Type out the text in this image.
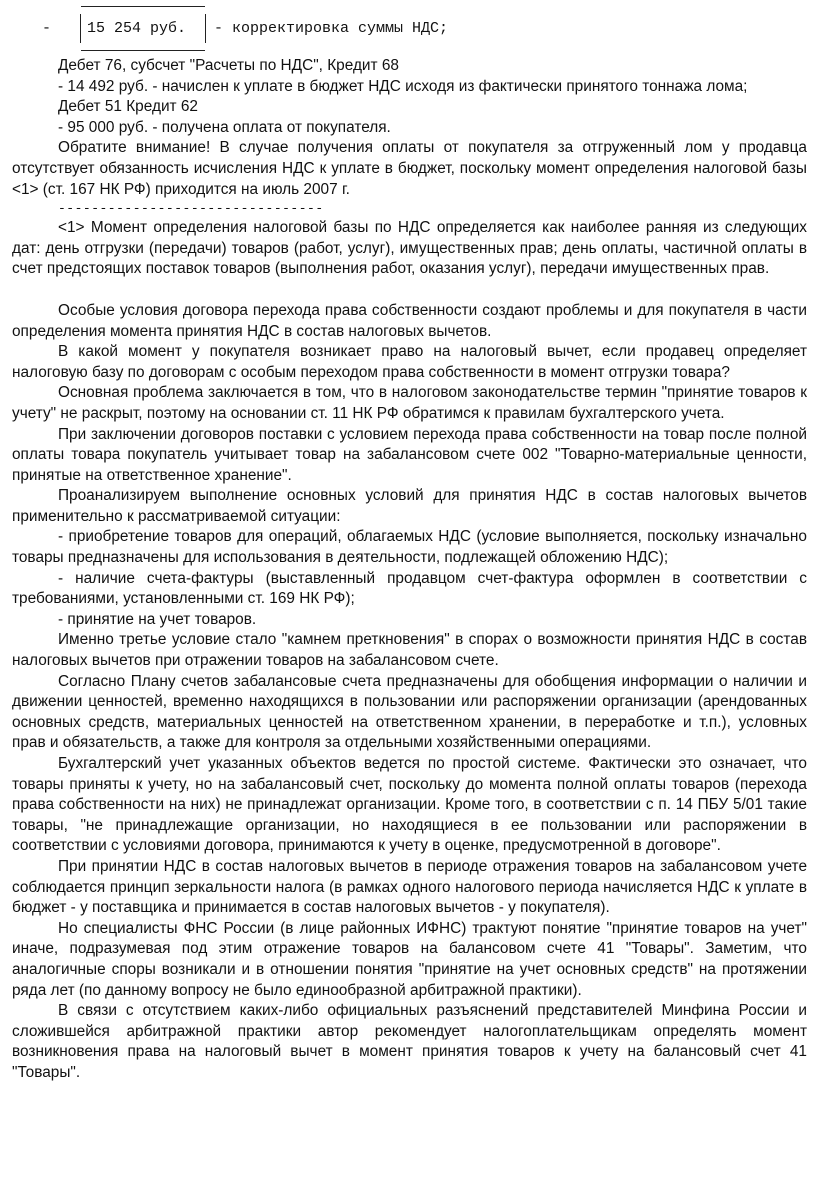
- 15 254 руб. - корректировка суммы НДС;

Дебет 76, субсчет "Расчеты по НДС", Кредит 68

- 14 492 руб. - начислен к уплате в бюджет НДС исходя из фактически принятого тоннажа лома;

Дебет 51 Кредит 62

- 95 000 руб. - получена оплата от покупателя.

Обратите внимание! В случае получения оплаты от покупателя за отгруженный лом у продавца отсутствует обязанность исчисления НДС к уплате в бюджет, поскольку момент определения налоговой базы <1> (ст. 167 НК РФ) приходится на июль 2007 г.

--------------------------------

<1> Момент определения налоговой базы по НДС определяется как наиболее ранняя из следующих дат: день отгрузки (передачи) товаров (работ, услуг), имущественных прав; день оплаты, частичной оплаты в счет предстоящих поставок товаров (выполнения работ, оказания услуг), передачи имущественных прав.

Особые условия договора перехода права собственности создают проблемы и для покупателя в части определения момента принятия НДС в состав налоговых вычетов.

В какой момент у покупателя возникает право на налоговый вычет, если продавец определяет налоговую базу по договорам с особым переходом права собственности в момент отгрузки товара?

Основная проблема заключается в том, что в налоговом законодательстве термин "принятие товаров к учету" не раскрыт, поэтому на основании ст. 11 НК РФ обратимся к правилам бухгалтерского учета.

При заключении договоров поставки с условием перехода права собственности на товар после полной оплаты товара покупатель учитывает товар на забалансовом счете 002 "Товарно-материальные ценности, принятые на ответственное хранение".

Проанализируем выполнение основных условий для принятия НДС в состав налоговых вычетов применительно к рассматриваемой ситуации:

- приобретение товаров для операций, облагаемых НДС (условие выполняется, поскольку изначально товары предназначены для использования в деятельности, подлежащей обложению НДС);

- наличие счета-фактуры (выставленный продавцом счет-фактура оформлен в соответствии с требованиями, установленными ст. 169 НК РФ);

- принятие на учет товаров.

Именно третье условие стало "камнем преткновения" в спорах о возможности принятия НДС в состав налоговых вычетов при отражении товаров на забалансовом счете.

Согласно Плану счетов забалансовые счета предназначены для обобщения информации о наличии и движении ценностей, временно находящихся в пользовании или распоряжении организации (арендованных основных средств, материальных ценностей на ответственном хранении, в переработке и т.п.), условных прав и обязательств, а также для контроля за отдельными хозяйственными операциями.

Бухгалтерский учет указанных объектов ведется по простой системе. Фактически это означает, что товары приняты к учету, но на забалансовый счет, поскольку до момента полной оплаты товаров (перехода права собственности на них) не принадлежат организации. Кроме того, в соответствии с п. 14 ПБУ 5/01 такие товары, "не принадлежащие организации, но находящиеся в ее пользовании или распоряжении в соответствии с условиями договора, принимаются к учету в оценке, предусмотренной в договоре".

При принятии НДС в состав налоговых вычетов в периоде отражения товаров на забалансовом учете соблюдается принцип зеркальности налога (в рамках одного налогового периода начисляется НДС к уплате в бюджет - у поставщика и принимается в состав налоговых вычетов - у покупателя).

Но специалисты ФНС России (в лице районных ИФНС) трактуют понятие "принятие товаров на учет" иначе, подразумевая под этим отражение товаров на балансовом счете 41 "Товары". Заметим, что аналогичные споры возникали и в отношении понятия "принятие на учет основных средств" на протяжении ряда лет (по данному вопросу не было единообразной арбитражной практики).

В связи с отсутствием каких-либо официальных разъяснений представителей Минфина России и сложившейся арбитражной практики автор рекомендует налогоплательщикам определять момент возникновения права на налоговый вычет в момент принятия товаров к учету на балансовый счет 41 "Товары".
